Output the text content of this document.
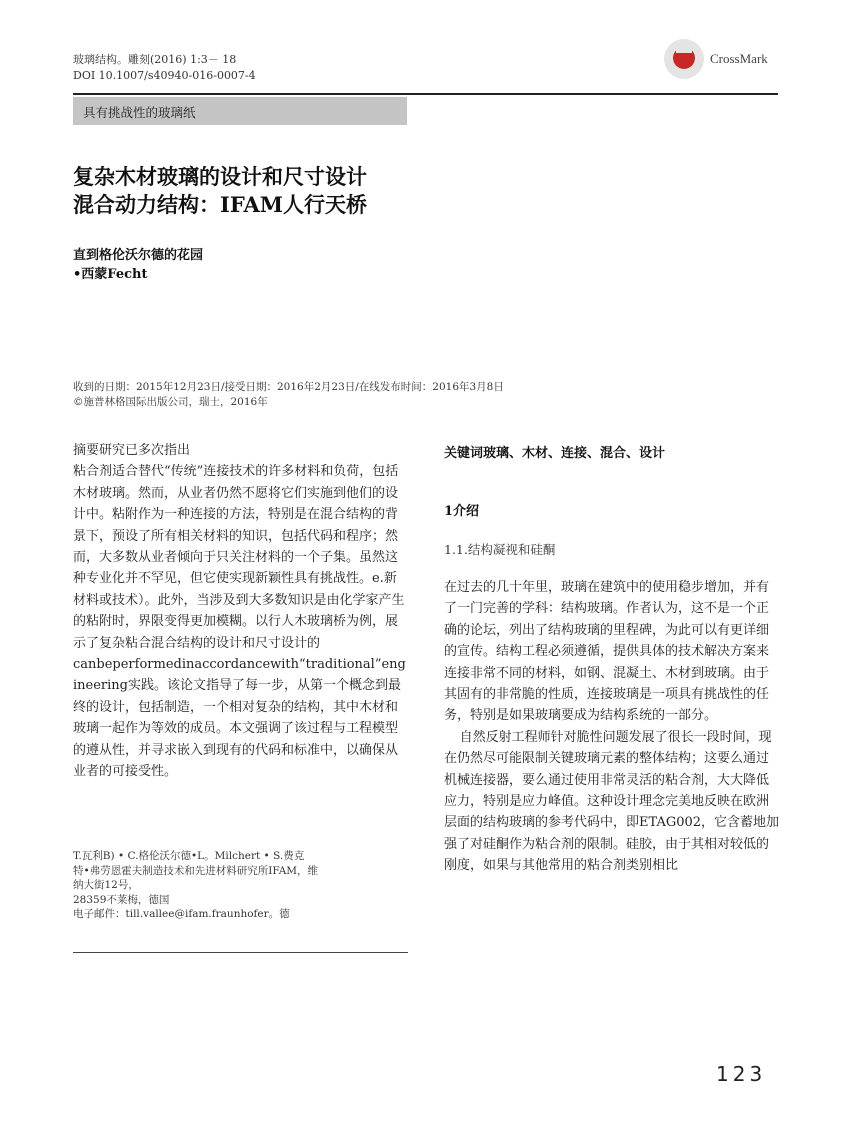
玻璃结构。雕刻(2016) 1:3－ 18
DOI 10.1007/s40940-016-0007-4
CrossMark
具有挑战性的玻璃纸
复杂木材玻璃的设计和尺寸设计
混合动力结构：IFAM人行天桥
直到格伦沃尔德的花园
•西蒙Fecht
收到的日期：2015年12月23日/接受日期：2016年2月23日/在线发布时间：2016年3月8日
©施普林格国际出版公司，瑞士，2016年

摘要研究已多次指出

粘合剂适合替代“传统”连接技术的许多材料和负荷，包括木材玻璃。然而，从业者仍然不愿将它们实施到他们的设计中。粘附作为一种连接的方法，特别是在混合结构的背景下，预设了所有相关材料的知识，包括代码和程序；然而，大多数从业者倾向于只关注材料的一个子集。虽然这种专业化并不罕见，但它使实现新颖性具有挑战性。e.新材料或技术）。此外，当涉及到大多数知识是由化学家产生的粘附时，界限变得更加模糊。以行人木玻璃桥为例，展示了复杂粘合混合结构的设计和尺寸设计的

canbeperformedinaccordancewith“traditional”engineering实践。该论文指导了每一步，从第一个概念到最终的设计，包括制造，一个相对复杂的结构，其中木材和玻璃一起作为等效的成员。本文强调了该过程与工程模型的遵从性，并寻求嵌入到现有的代码和标准中，以确保从业者的可接受性。

T.瓦利B) • C.格伦沃尔德•L。Milchert • S.费克
特•弗劳恩霍夫制造技术和先进材料研究所IFAM，维
纳大街12号，
28359不莱梅，德国
电子邮件：till.vallee@ifam.fraunhofer。德
关键词玻璃、木材、连接、混合、设计
1介绍
1.1.结构凝视和硅酮

在过去的几十年里，玻璃在建筑中的使用稳步增加，并有了一门完善的学科：结构玻璃。作者认为，这不是一个正确的论坛，列出了结构玻璃的里程碑，为此可以有更详细的宣传。结构工程必须遵循，提供具体的技术解决方案来连接非常不同的材料，如钢、混凝土、木材到玻璃。由于其固有的非常脆的性质，连接玻璃是一项具有挑战性的任务，特别是如果玻璃要成为结构系统的一部分。

自然反射工程师针对脆性问题发展了很长一段时间，现在仍然尽可能限制关键玻璃元素的整体结构；这要么通过机械连接器，要么通过使用非常灵活的粘合剂，大大降低应力，特别是应力峰值。这种设计理念完美地反映在欧洲层面的结构玻璃的参考代码中，即ETAG002，它含蓄地加强了对硅酮作为粘合剂的限制。硅胶，由于其相对较低的刚度，如果与其他常用的粘合剂类别相比

123
